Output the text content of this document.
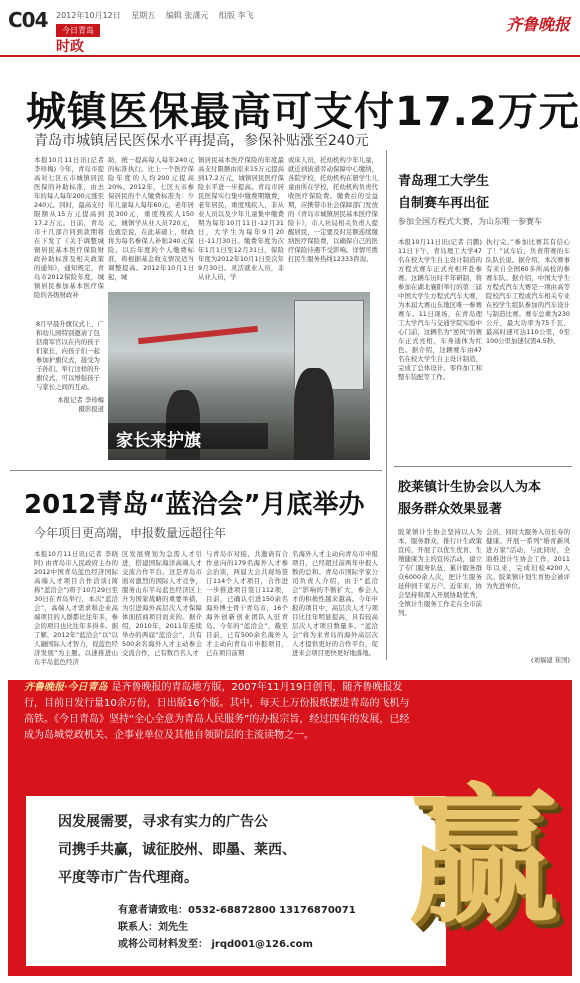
C04 2012年10月12日 星期五 编辑 张潇元 组版 李飞
今日青岛
时政
齐鲁晚报
城镇医保最高可支付17.2万元
青岛市城镇居民医保水平再提高，参保补贴涨至240元
本报10月11日讯(记者 李珍梅) 今年，青岛市提高对七区五市城镇居民医保的补助标准，由去年的每人每年200元涨至240元。同时，最高支付限额从15万元提高到17.2万元。日前，青岛市十几部合同到款期将在下发了《关于调整城镇居民基本医疗保险财政补助标准及相关政策的通知》，通知规定，青岛市2012保险年度，城镇居民参加基本医疗保险的各级财政补
助，统一提高每人每年240元的标准执行。比上一个医疗保险年度的人均200元提高20%。2012年，七区五市参保居民的个人缴费标准为：少年儿童每人每年60元，老年居民300元，重度残疾人150元，城镇学从业人员720元，也就是说，在此基础上，财政将为每名参保人补贴240元保险。以后年度的个人缴费标准，将根据基金收支情况适当调整提高。2012年10月1日起，城
镇居民基本医疗保险的年度最高支付限额由原来15万元提高到17.2万元，城镇居民医疗保险水平进一步提高。青岛市居民医保实行集中缴费期缴费，老年居民，重度残疾人，非从业人员以及少年儿童集中缴费期为每年10月11日-12月31日，大学生为每年9月20日-11月30日。缴费年度为次年1月1日至12月31日，保险年度为2012年10月1日至次年9月30日。灵活就业人员，非从业人员，学
或床人员，托幼机构少年儿童，就近到街道劳动保障中心缴纳，各院学校，托幼机构在册学生儿童由所在学校，托幼机构负责代收医疗保险费。缴费后的受益期，应携带市社会保障部门发放的《青岛市城镇居民基本医疗保险卡》，市人社局相关负责人提醒居民，一定要及时足额连续缴纳医疗保险费，以确保自己的医疗保险待遇不受影响。详情可拨打民生服务热线12333咨询。
家长来护旗
8月早晨升旗仪式上，广和幼儿园特别邀请了包括南军官以在内的孩子们家长，向孩子们一起参加护旗仪式，接受为子孙们，举行这样的升旗仪式，可以增强孩子与家长之间的互动。
本报记者 李珍梅
摄影报道
2012青岛“蓝洽会”月底举办
今年项目更高端，申报数量远超往年
本报10月11日讯(记者 李晓阿) 由青岛市人民政府主办的2012中国青岛蓝色经济国际高端人才项目合作洽谈(简称“蓝洽会”)将于10月29日至30日在青岛举行，本次“蓝洽会”，高端人才需求和企业高端项目的人群都比往年多，参会的项目也比往年多得多。据了解，2012年“蓝洽会”以“以人融国际人才智力，促蓝色经济发展”为主题。以速推进山东半岛蓝色经济
区发展规划为急需人才引进，搭建国际海洋高端人才交流合作平台。这是青岛市面对激烈的国际人才竞争，服务山东半岛蓝色经济区上升为国家战略的重要举措，为引进海外高层次人才保障体面招商项目而来的。据介绍，2010年，2011年连续举办的两届“蓝洽会”，共有500余名海外人才主动参会交流合作，已有数百名人才
与青岛市对接，共邀请有合作意向的179名海外人才参会治谈，两届大会共现场签订114个人才项目，合作进一步推进项目签订112项，目前，已确认引进150余名海外博士骨干青岛市，16个海外创新创业团队入驻青岛。今年的“蓝洽会”，截至目前，已有500余名海外人才主动向青岛市申报项目，已在项目前期
名海外人才主动向青岛市申报项目，已经超过前两年申报人数的总和。青岛市国际学家公司负责人介绍，由于“蓝洽会”影响的不断扩大，参会人才的积极性越来越高。今年申报的项目中，高层次人才与项目比往年明显提高，具有较高层次人才项目数量多。“蓝洽会”将为来青岛的海外高层次人才提供更好的合作平台，促进来会项目更快更好地落地。
青岛理工大学生
自制赛车再出征
参加全国方程式大赛，为山东唯一参赛车
本报10月11日讯(记者 吕鹏) 11日下午，青岛理工大学47名在校大学生自主设计制造的方程式赛车正式亮相开赴参赛。这辆车历时半年研制，将参加在湖北襄阳举行的第三届中国大学生方程式汽车大赛，为本届大赛山东地区唯一参赛赛车。11日现场，在青岛理工大学汽车与交通学院实验中心门前，这辆名为“逆风”的赛车正式亮相，车身通体为红色。据介绍，这辆赛车由47名在校大学生自主设计制造，完成了总体设计、零件加工和整车装配等工作。
执行完。”参加比赛其有信心了！”试车后，负责带赛的车队队长说。据介绍，本次赛事有来自全国60多所高校的参赛车队。据介绍，中国大学生方程式汽车大赛是一项由高等院校汽车工程或汽车相关专业在校学生组队参加的汽车设计与制造比赛。赛车总重为230公斤，最大功率为75千瓦，最高时速可达110公里，0至100公里加速仅需4.5秒。
胶莱镇计生协会以人为本
服务群众效果显著
胶莱镇计生协会坚持以人为本，服务群众，推行计生政策宣传，开展了以优生优育、生殖健康为主的宣传活动，建立了专门服务队伍，累计服务群众6000余人次，把计生服务延伸到千家万户。近年来，协会坚持和深入开展协助优秀，全镇计生服务工作走在全市前列。
会员，同时大服务入员长寿的健康。开展一系列“婚育新风进万家”活动，与此同时，全面推进计生协会工作，2011年以来，完成妇检4200人次。胶莱镇计划生育协会被评为先进单位。
(刘福建 崔国)
齐鲁晚报·今日青岛 是齐鲁晚报的青岛地方版，2007年11月19日创刊，随齐鲁晚报发行，目前日发行量10余万份，日出版16个版。其中，每天上万份报纸摆进青岛的飞机与高铁。《今日青岛》坚持“全心全意为青岛人民服务”的办报宗旨，经过四年的发展，已经成为岛城党政机关、企事业单位及其他自领阶层的主流读物之一。
因发展需要，寻求有实力的广告公
司携手共赢，诚征胶州、即墨、莱西、
平度等市广告代理商。
有意者请致电：0532-68872800 13176870071
联系人：刘先生
或将公司材料发至： jrqd001@126.com 赢
